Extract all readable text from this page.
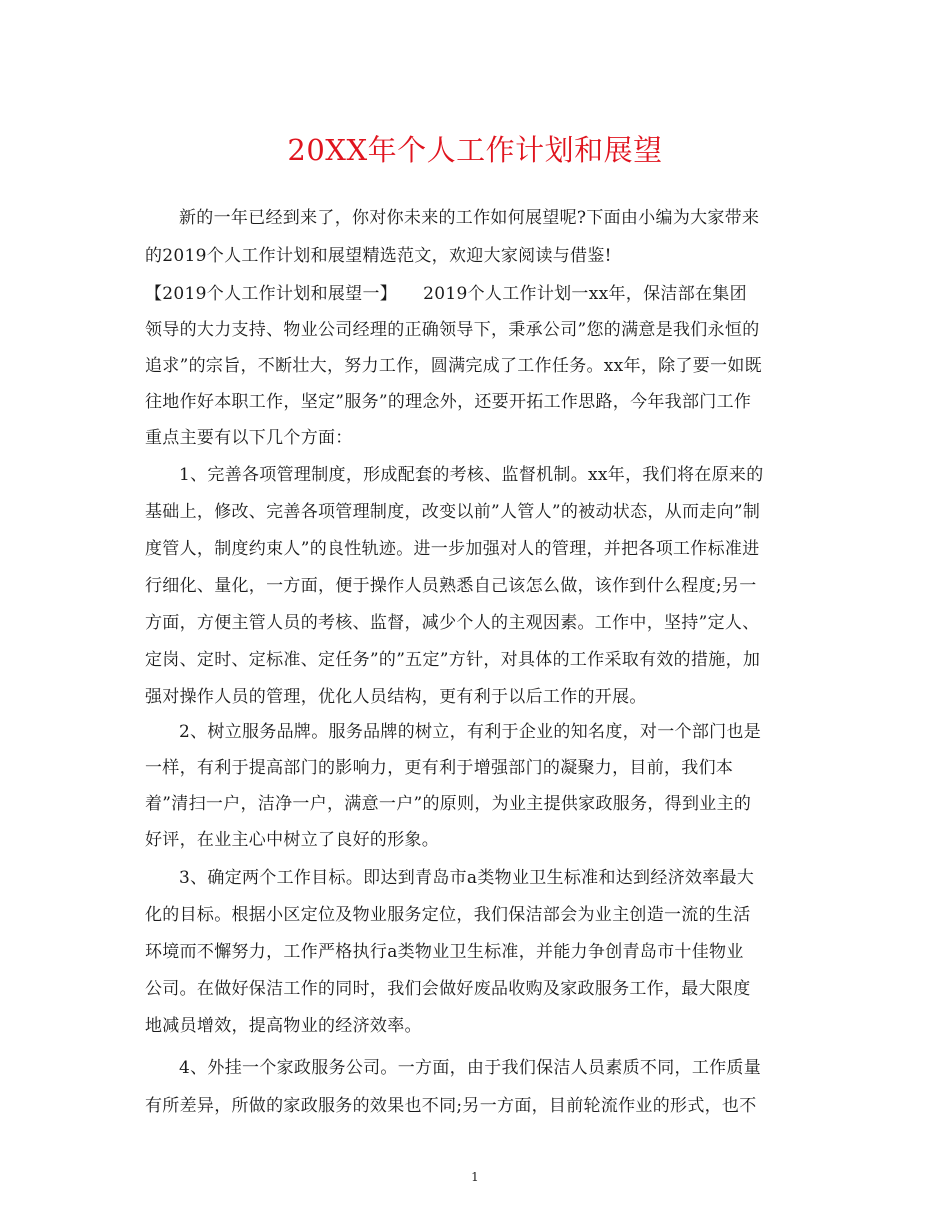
20XX年个人工作计划和展望
新的一年已经到来了，你对你未来的工作如何展望呢?下面由小编为大家带来
的2019个人工作计划和展望精选范文，欢迎大家阅读与借鉴!
【2019个人工作计划和展望一】　　2019个人工作计划一xx年，保洁部在集团
领导的大力支持、物业公司经理的正确领导下，秉承公司”您的满意是我们永恒的
追求”的宗旨，不断壮大，努力工作，圆满完成了工作任务。xx年，除了要一如既
往地作好本职工作，坚定”服务”的理念外，还要开拓工作思路，今年我部门工作
重点主要有以下几个方面：
1、完善各项管理制度，形成配套的考核、监督机制。xx年，我们将在原来的
基础上，修改、完善各项管理制度，改变以前”人管人”的被动状态，从而走向”制
度管人，制度约束人”的良性轨迹。进一步加强对人的管理，并把各项工作标准进
行细化、量化，一方面，便于操作人员熟悉自己该怎么做，该作到什么程度;另一
方面，方便主管人员的考核、监督，减少个人的主观因素。工作中，坚持”定人、
定岗、定时、定标准、定任务”的”五定”方针，对具体的工作采取有效的措施，加
强对操作人员的管理，优化人员结构，更有利于以后工作的开展。
2、树立服务品牌。服务品牌的树立，有利于企业的知名度，对一个部门也是
一样，有利于提高部门的影响力，更有利于增强部门的凝聚力，目前，我们本
着”清扫一户，洁净一户，满意一户”的原则，为业主提供家政服务，得到业主的
好评，在业主心中树立了良好的形象。
3、确定两个工作目标。即达到青岛市a类物业卫生标准和达到经济效率最大
化的目标。根据小区定位及物业服务定位，我们保洁部会为业主创造一流的生活
环境而不懈努力，工作严格执行a类物业卫生标准，并能力争创青岛市十佳物业
公司。在做好保洁工作的同时，我们会做好废品收购及家政服务工作，最大限度
地减员增效，提高物业的经济效率。
4、外挂一个家政服务公司。一方面，由于我们保洁人员素质不同，工作质量
有所差异，所做的家政服务的效果也不同;另一方面，目前轮流作业的形式，也不
1
